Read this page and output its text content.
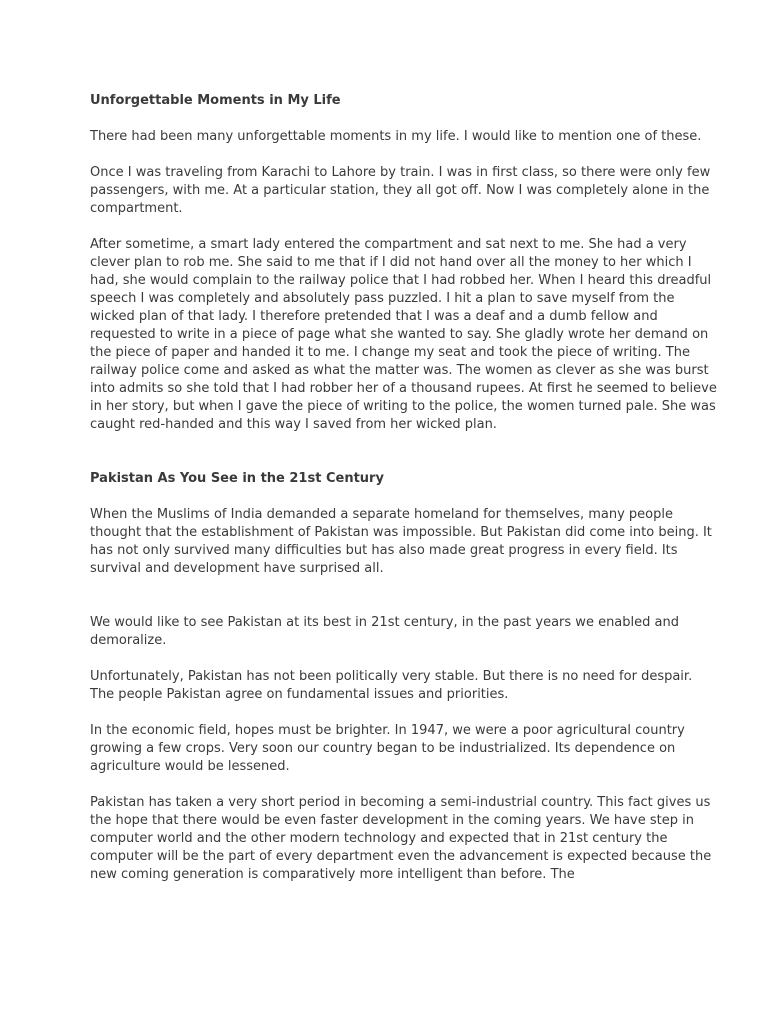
Unforgettable Moments in My Life
There had been many unforgettable moments in my life. I would like to mention one of these.
Once I was traveling from Karachi to Lahore by train. I was in first class, so there were only few passengers, with me. At a particular station, they all got off. Now I was completely alone in the compartment.
After sometime, a smart lady entered the compartment and sat next to me. She had a very clever plan to rob me. She said to me that if I did not hand over all the money to her which I had, she would complain to the railway police that I had robbed her. When I heard this dreadful speech I was completely and absolutely pass puzzled. I hit a plan to save myself from the wicked plan of that lady. I therefore pretended that I was a deaf and a dumb fellow and requested to write in a piece of page what she wanted to say. She gladly wrote her demand on the piece of paper and handed it to me. I change my seat and took the piece of writing. The railway police come and asked as what the matter was. The women as clever as she was burst into admits so she told that I had robber her of a thousand rupees. At first he seemed to believe in her story, but when I gave the piece of writing to the police, the women turned pale. She was caught red-handed and this way I saved from her wicked plan.
Pakistan As You See in the 21st Century
When the Muslims of India demanded a separate homeland for themselves, many people thought that the establishment of Pakistan was impossible. But Pakistan did come into being. It has not only survived many difficulties but has also made great progress in every field. Its survival and development have surprised all.
We would like to see Pakistan at its best in 21st century, in the past years we enabled and demoralize.
Unfortunately, Pakistan has not been politically very stable. But there is no need for despair. The people Pakistan agree on fundamental issues and priorities.
In the economic field, hopes must be brighter. In 1947, we were a poor agricultural country growing a few crops. Very soon our country began to be industrialized. Its dependence on agriculture would be lessened.
Pakistan has taken a very short period in becoming a semi-industrial country. This fact gives us the hope that there would be even faster development in the coming years. We have step in computer world and the other modern technology and expected that in 21st century the computer will be the part of every department even the advancement is expected because the new coming generation is comparatively more intelligent than before. The
